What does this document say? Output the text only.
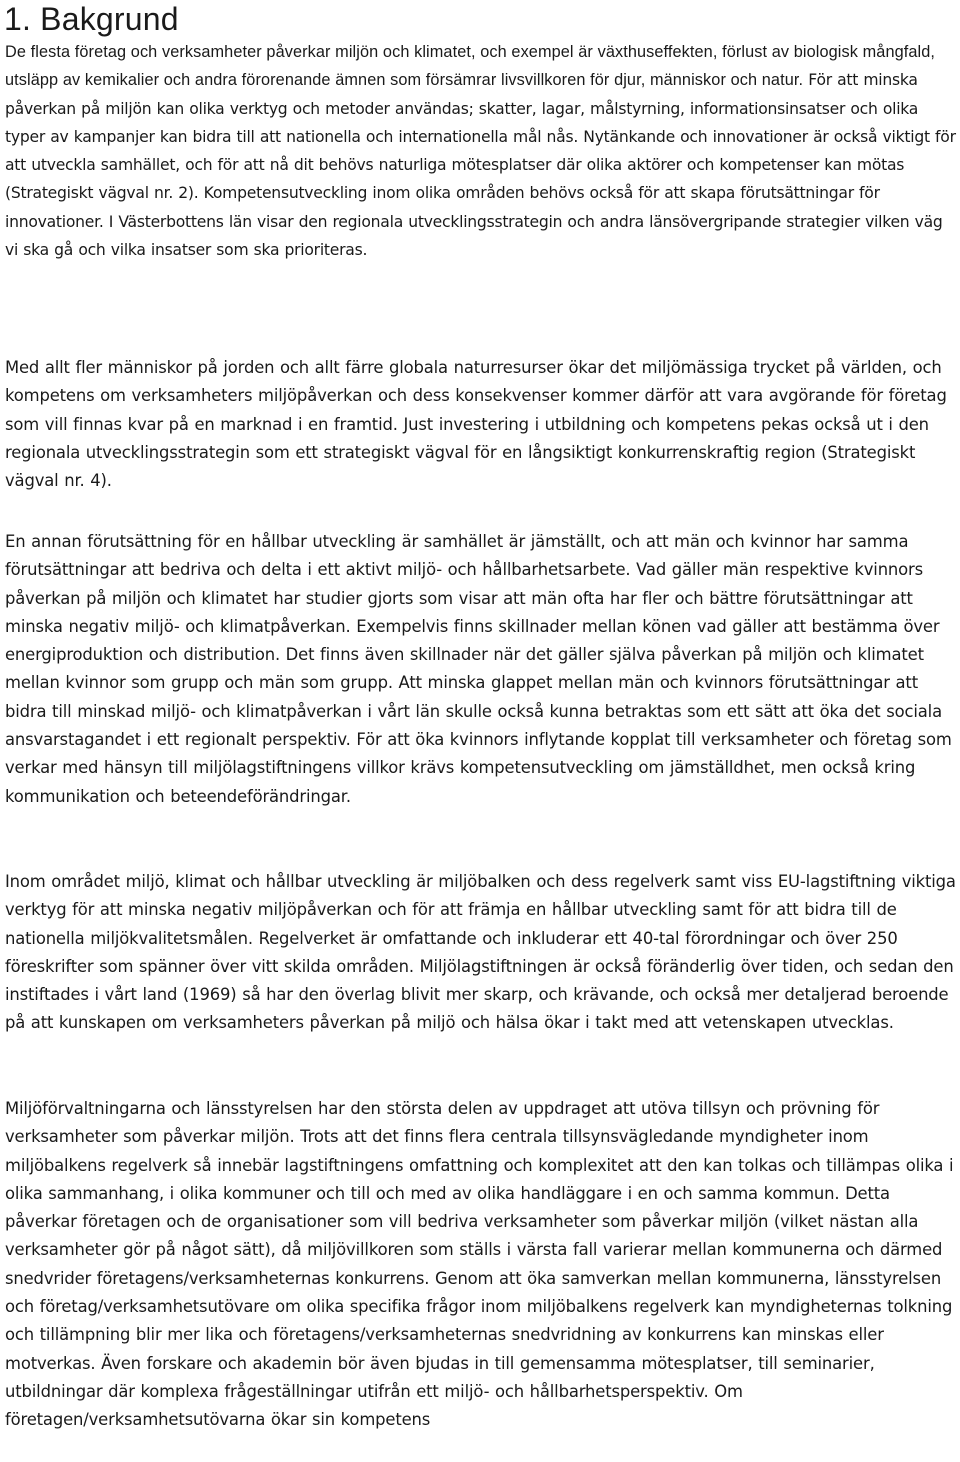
1. Bakgrund

De flesta företag och verksamheter påverkar miljön och klimatet, och exempel är växthuseffekten, förlust av biologisk mångfald, utsläpp av kemikalier och andra förorenande ämnen som försämrar livsvillkoren för djur, människor och natur. För att minska påverkan på miljön kan olika verktyg och metoder användas; skatter, lagar, målstyrning, informationsinsatser och olika typer av kampanjer kan bidra till att nationella och internationella mål nås. Nytänkande och innovationer är också viktigt för att utveckla samhället, och för att nå dit behövs naturliga mötesplatser där olika aktörer och kompetenser kan mötas (Strategiskt vägval nr. 2). Kompetensutveckling inom olika områden behövs också för att skapa förutsättningar för innovationer. I Västerbottens län visar den regionala utvecklingsstrategin och andra länsövergripande strategier vilken väg vi ska gå och vilka insatser som ska prioriteras.

Med allt fler människor på jorden och allt färre globala naturresurser ökar det miljömässiga trycket på världen, och kompetens om verksamheters miljöpåverkan och dess konsekvenser kommer därför att vara avgörande för företag som vill finnas kvar på en marknad i en framtid. Just investering i utbildning och kompetens pekas också ut i den regionala utvecklingsstrategin som ett strategiskt vägval för en långsiktigt konkurrenskraftig region (Strategiskt vägval nr. 4).

En annan förutsättning för en hållbar utveckling är samhället är jämställt, och att män och kvinnor har samma förutsättningar att bedriva och delta i ett aktivt miljö- och hållbarhetsarbete. Vad gäller män respektive kvinnors påverkan på miljön och klimatet har studier gjorts som visar att män ofta har fler och bättre förutsättningar att minska negativ miljö- och klimatpåverkan. Exempelvis finns skillnader mellan könen vad gäller att bestämma över energiproduktion och distribution. Det finns även skillnader när det gäller själva påverkan på miljön och klimatet mellan kvinnor som grupp och män som grupp. Att minska glappet mellan män och kvinnors förutsättningar att bidra till minskad miljö- och klimatpåverkan i vårt län skulle också kunna betraktas som ett sätt att öka det sociala ansvarstagandet i ett regionalt perspektiv. För att öka kvinnors inflytande kopplat till verksamheter och företag som verkar med hänsyn till miljölagstiftningens villkor krävs kompetensutveckling om jämställdhet, men också kring kommunikation och beteendeförändringar.

Inom området miljö, klimat och hållbar utveckling är miljöbalken och dess regelverk samt viss EU-lagstiftning viktiga verktyg för att minska negativ miljöpåverkan och för att främja en hållbar utveckling samt för att bidra till de nationella miljökvalitetsmålen. Regelverket är omfattande och inkluderar ett 40-tal förordningar och över 250 föreskrifter som spänner över vitt skilda områden. Miljölagstiftningen är också föränderlig över tiden, och sedan den instiftades i vårt land (1969) så har den överlag blivit mer skarp, och krävande, och också mer detaljerad beroende på att kunskapen om verksamheters påverkan på miljö och hälsa ökar i takt med att vetenskapen utvecklas.

Miljöförvaltningarna och länsstyrelsen har den största delen av uppdraget att utöva tillsyn och prövning för verksamheter som påverkar miljön. Trots att det finns flera centrala tillsynsvägledande myndigheter inom miljöbalkens regelverk så innebär lagstiftningens omfattning och komplexitet att den kan tolkas och tillämpas olika i olika sammanhang, i olika kommuner och till och med av olika handläggare i en och samma kommun. Detta påverkar företagen och de organisationer som vill bedriva verksamheter som påverkar miljön (vilket nästan alla verksamheter gör på något sätt), då miljövillkoren som ställs i värsta fall varierar mellan kommunerna och därmed snedvrider företagens/verksamheternas konkurrens. Genom att öka samverkan mellan kommunerna, länsstyrelsen och företag/verksamhetsutövare om olika specifika frågor inom miljöbalkens regelverk kan myndigheternas tolkning och tillämpning blir mer lika och företagens/verksamheternas snedvridning av konkurrens kan minskas eller motverkas. Även forskare och akademin bör även bjudas in till gemensamma mötesplatser, till seminarier, utbildningar där komplexa frågeställningar utifrån ett miljö- och hållbarhetsperspektiv. Om företagen/verksamhetsutövarna ökar sin kompetens
